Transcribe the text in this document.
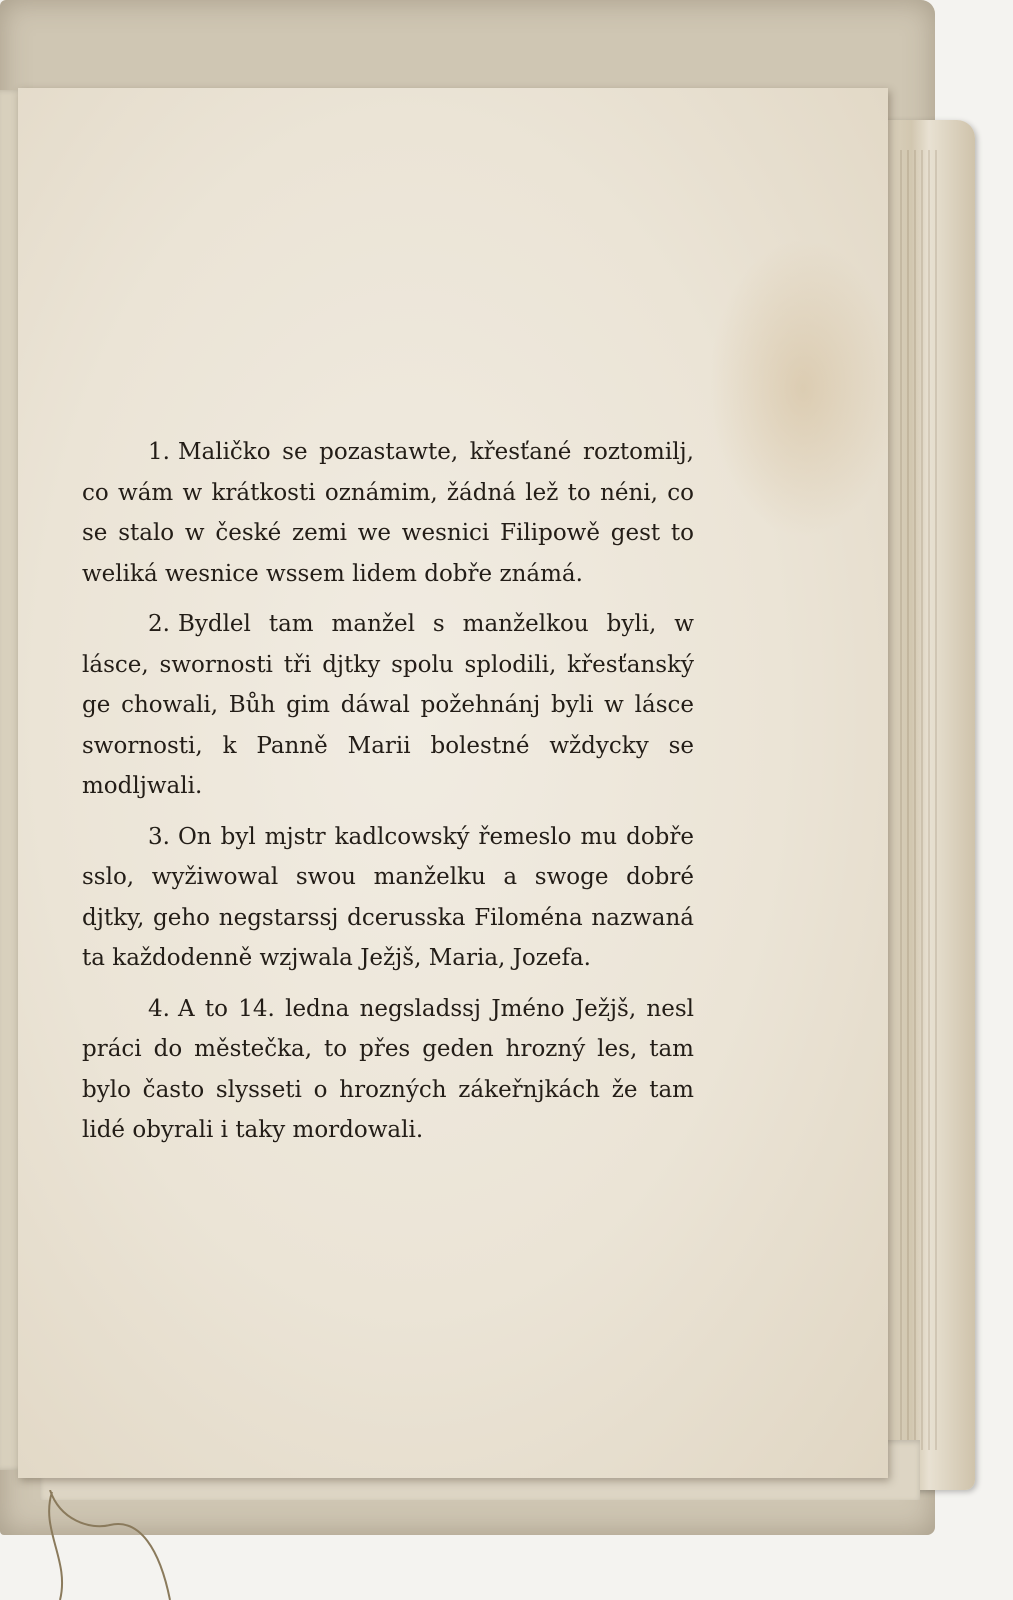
1. Maličko se pozastawte, křesťané roztomilj, co wám w krátkosti oznámim, žádná lež to néni, co se stalo w české zemi we wesnici Filipowě gest to weliká wesnice wssem lidem dobře známá.

2. Bydlel tam manžel s manželkou byli, w lásce, swornosti tři djtky spolu splodili, křesťanský ge chowali, Bůh gim dáwal požehnánj byli w lásce swornosti, k Panně Marii bolestné wždycky se modljwali.

3. On byl mjstr kadlcowský řemeslo mu dobře sslo, wyžiwowal swou manželku a swoge dobré djtky, geho negstarssj dcerusska Filoména nazwaná ta každodenně wzjwala Ježjš, Maria, Jozefa.

4. A to 14. ledna negsladssj Jméno Ježjš, nesl práci do městečka, to přes geden hrozný les, tam bylo často slysseti o hrozných zákeřnjkách že tam lidé obyrali i taky mordowali.
